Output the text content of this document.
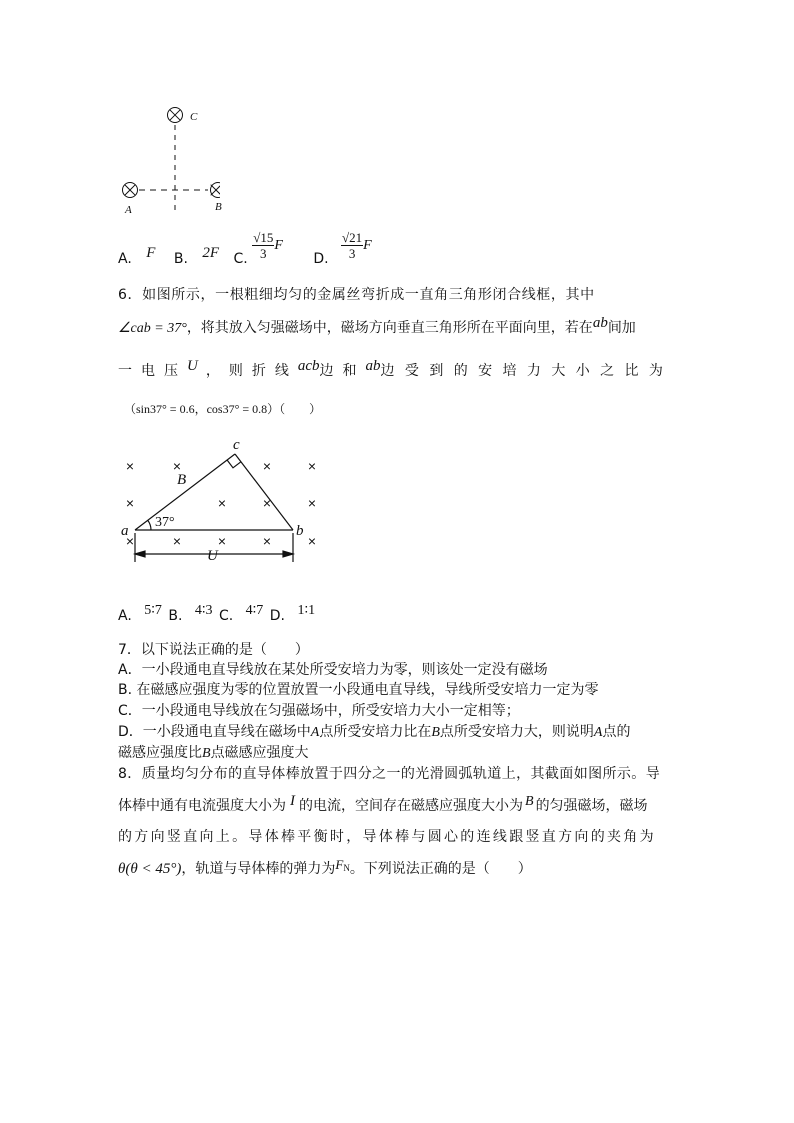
C
A	B
A. F B. 2F C. $\frac{√15}{3}$ F D. $\frac{√21}{3}$ F
6．如图所示，一根粗细均匀的金属丝弯折成一直角三角形闭合线框，其中
∠cab = 37°，将其放入匀强磁场中，磁场方向垂直三角形所在平面向里，若在ab间加
一电压U ，则折线acb边和ab边受到的安培力大小之比为
（sin37° = 0.6，cos37° = 0.8）（　　）
×	×	×	×
×	×	×	×
×	×	×	×	×
c
B
a	b
U
37°
A. 5∶7 B. 4∶3 C. 4∶7 D. 1∶1
7．以下说法正确的是（　　）
A．一小段通电直导线放在某处所受安培力为零，则该处一定没有磁场
B. 在磁感应强度为零的位置放置一小段通电直导线，导线所受安培力一定为零
C．一小段通电导线放在匀强磁场中，所受安培力大小一定相等；
D．一小段通电直导线在磁场中A点所受安培力比在B点所受安培力大，则说明A点的
磁感应强度比B点磁感应强度大
8．质量均匀分布的直导体棒放置于四分之一的光滑圆弧轨道上，其截面如图所示。导
体棒中通有电流强度大小为 I 的电流，空间存在磁感应强度大小为 B 的匀强磁场，磁场
的方向竖直向上。导体棒平衡时，导体棒与圆心的连线跟竖直方向的夹角为
θ(θ < 45°)，轨道与导体棒的弹力为FN。下列说法正确的是（　　）
